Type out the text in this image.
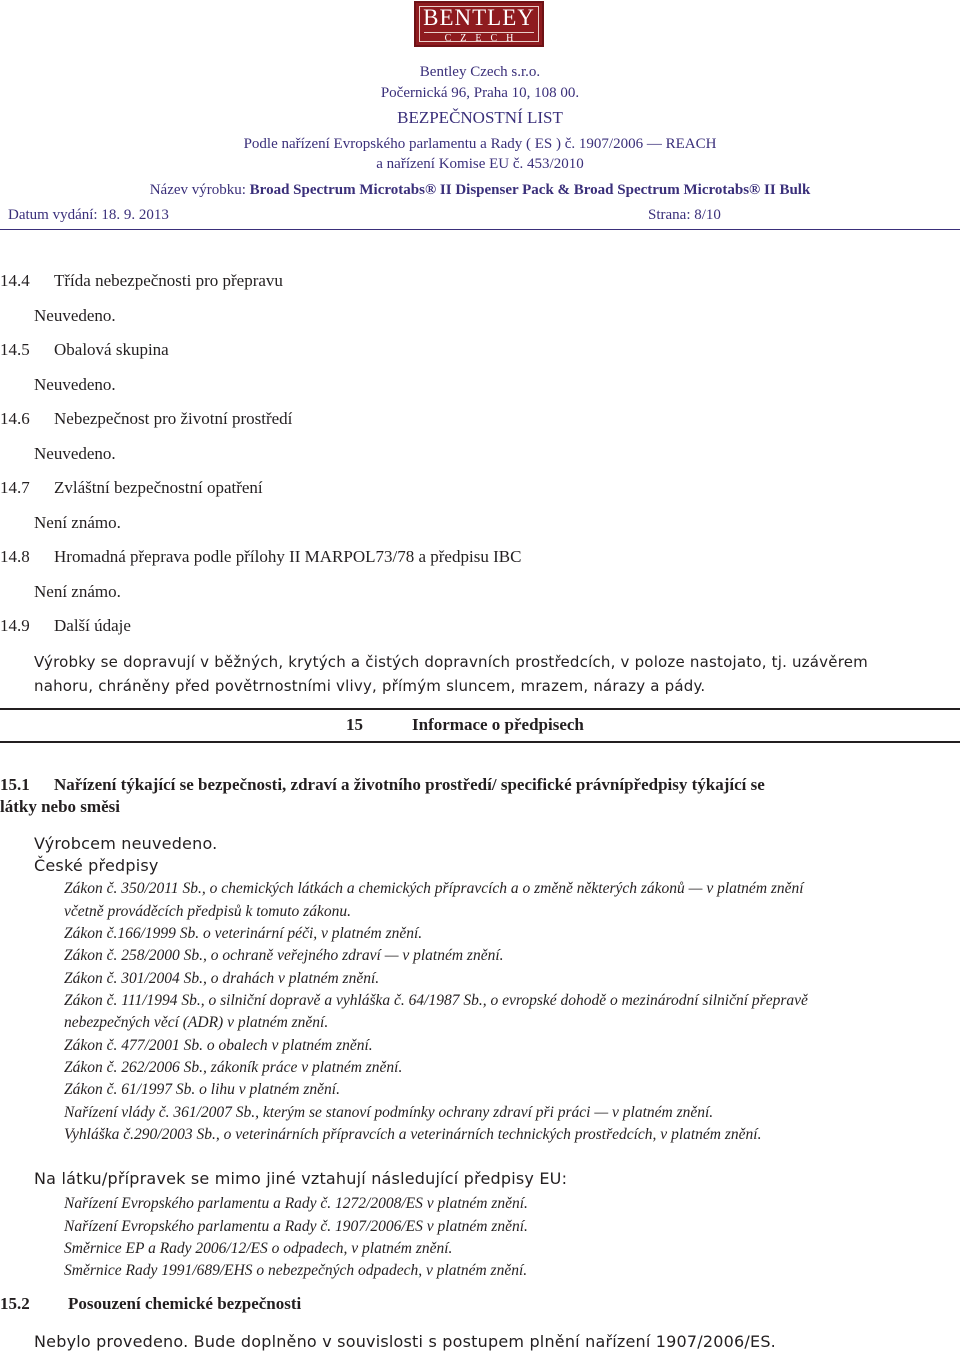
BENTLEY
CZECH
Bentley Czech s.r.o.
Počernická 96, Praha 10, 108 00.
BEZPEČNOSTNÍ LIST
Podle nařízení Evropského parlamentu a Rady ( ES ) č. 1907/2006 — REACH
a nařízení Komise EU č. 453/2010
Název výrobku: Broad Spectrum Microtabs® II Dispenser Pack & Broad Spectrum Microtabs® II Bulk
Datum vydání: 18. 9. 2013	Strana: 8/10
14.4 Třída nebezpečnosti pro přepravu
Neuvedeno.
14.5 Obalová skupina
Neuvedeno.
14.6 Nebezpečnost pro životní prostředí
Neuvedeno.
14.7 Zvláštní bezpečnostní opatření
Není známo.
14.8 Hromadná přeprava podle přílohy II MARPOL73/78 a předpisu IBC
Není známo.
14.9 Další údaje
Výrobky se dopravují v běžných, krytých a čistých dopravních prostředcích, v poloze nastojato, tj. uzávěrem
nahoru, chráněny před povětrnostními vlivy, přímým sluncem, mrazem, nárazy a pády.
15	Informace o předpisech
15.1 Nařízení týkající se bezpečnosti, zdraví a životního prostředí/ specifické právnípředpisy týkající se
látky nebo směsi
Výrobcem neuvedeno.
České předpisy
Zákon č. 350/2011 Sb., o chemických látkách a chemických přípravcích a o změně některých zákonů — v platném znění
včetně prováděcích předpisů k tomuto zákonu.
Zákon č.166/1999 Sb. o veterinární péči, v platném znění.
Zákon č. 258/2000 Sb., o ochraně veřejného zdraví — v platném znění.
Zákon č. 301/2004 Sb., o drahách v platném znění.
Zákon č. 111/1994 Sb., o silniční dopravě a vyhláška č. 64/1987 Sb., o evropské dohodě o mezinárodní silniční přepravě
nebezpečných věcí (ADR) v platném znění.
Zákon č. 477/2001 Sb. o obalech v platném znění.
Zákon č. 262/2006 Sb., zákoník práce v platném znění.
Zákon č. 61/1997 Sb. o lihu v platném znění.
Nařízení vlády č. 361/2007 Sb., kterým se stanoví podmínky ochrany zdraví při práci — v platném znění.
Vyhláška č.290/2003 Sb., o veterinárních přípravcích a veterinárních technických prostředcích, v platném znění.
Na látku/přípravek se mimo jiné vztahují následující předpisy EU:
Nařízení Evropského parlamentu a Rady č. 1272/2008/ES v platném znění.
Nařízení Evropského parlamentu a Rady č. 1907/2006/ES v platném znění.
Směrnice EP a Rady 2006/12/ES o odpadech, v platném znění.
Směrnice Rady 1991/689/EHS o nebezpečných odpadech, v platném znění.
15.2 Posouzení chemické bezpečnosti
Nebylo provedeno. Bude doplněno v souvislosti s postupem plnění nařízení 1907/2006/ES.
